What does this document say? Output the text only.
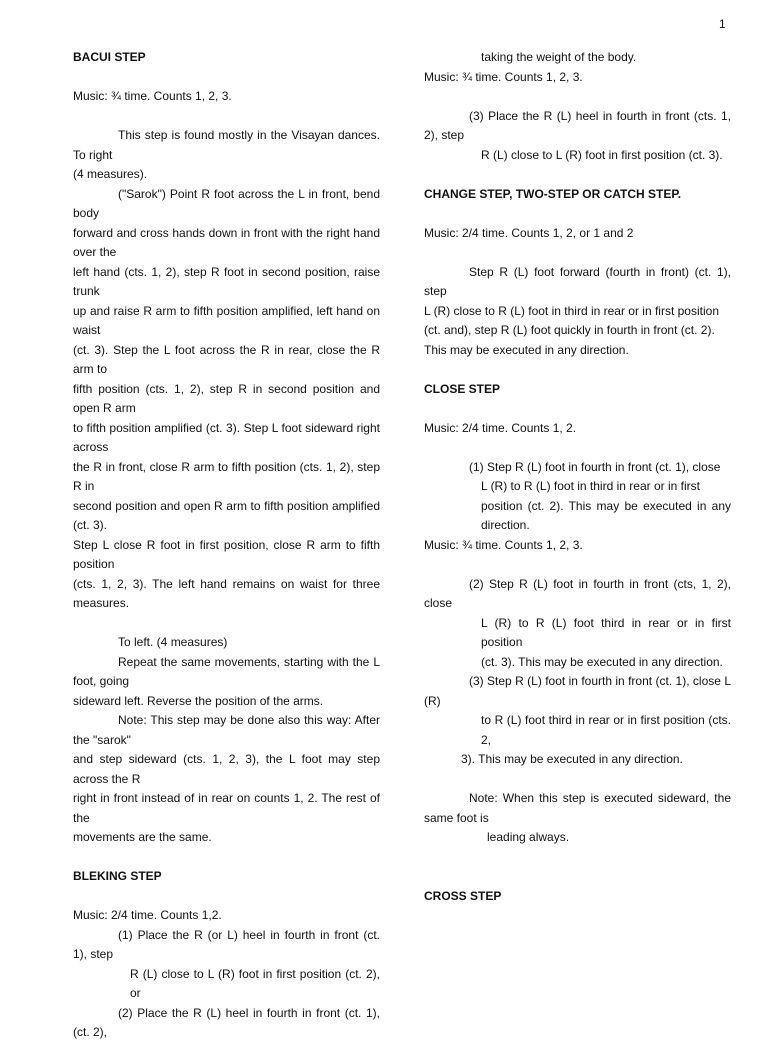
1

BACUI STEP

Music: ¾ time. Counts 1, 2, 3.

This step is found mostly in the Visayan dances. To right

(4 measures).

("Sarok") Point R foot across the L in front, bend body

forward and cross hands down in front with the right hand over the

left hand (cts. 1, 2), step R foot in second position, raise trunk

up and raise R arm to fifth position amplified, left hand on waist

(ct. 3). Step the L foot across the R in rear, close the R arm to

fifth position (cts. 1, 2), step R in second position and open R arm

to fifth position amplified (ct. 3). Step L foot sideward right across

the R in front, close R arm to fifth position (cts. 1, 2), step R in

second position and open R arm to fifth position amplified (ct. 3).

Step L close R foot in first position, close R arm to fifth position

(cts. 1, 2, 3). The left hand remains on waist for three measures.

To left. (4 measures)

Repeat the same movements, starting with the L foot, going

sideward left. Reverse the position of the arms.

Note: This step may be done also this way: After the "sarok"

and step sideward (cts. 1, 2, 3), the L foot may step across the R

right in front instead of in rear on counts 1, 2. The rest of the

movements are the same.

BLEKING STEP

Music: 2/4 time. Counts 1,2.

(1) Place the R (or L) heel in fourth in front (ct. 1), step

R (L) close to L (R) foot in first position (ct. 2), or

(2) Place the R (L) heel in fourth in front (ct. 1), (ct. 2),

taking the weight of the body.

Music: ¾ time. Counts 1, 2, 3.

(3) Place the R (L) heel in fourth in front (cts. 1, 2), step

R (L) close to L (R) foot in first position (ct. 3).

CHANGE STEP, TWO-STEP OR CATCH STEP.

Music: 2/4 time. Counts 1, 2, or 1 and 2

Step R (L) foot forward (fourth in front) (ct. 1), step

L (R) close to R (L) foot in third in rear or in first position

(ct. and), step R (L) foot quickly in fourth in front (ct. 2).

This may be executed in any direction.

CLOSE STEP

Music: 2/4 time. Counts 1, 2.

(1) Step R (L) foot in fourth in front (ct. 1), close

L (R) to R (L) foot in third in rear or in first

position (ct. 2). This may be executed in any direction.

Music: ¾ time. Counts 1, 2, 3.

(2) Step R (L) foot in fourth in front (cts, 1, 2), close

L (R) to R (L) foot third in rear or in first position

(ct. 3). This may be executed in any direction.

(3) Step R (L) foot in fourth in front (ct. 1), close L (R)

to R (L) foot third in rear or in first position (cts. 2,

3). This may be executed in any direction.

Note: When this step is executed sideward, the same foot is

leading always.

CROSS STEP
